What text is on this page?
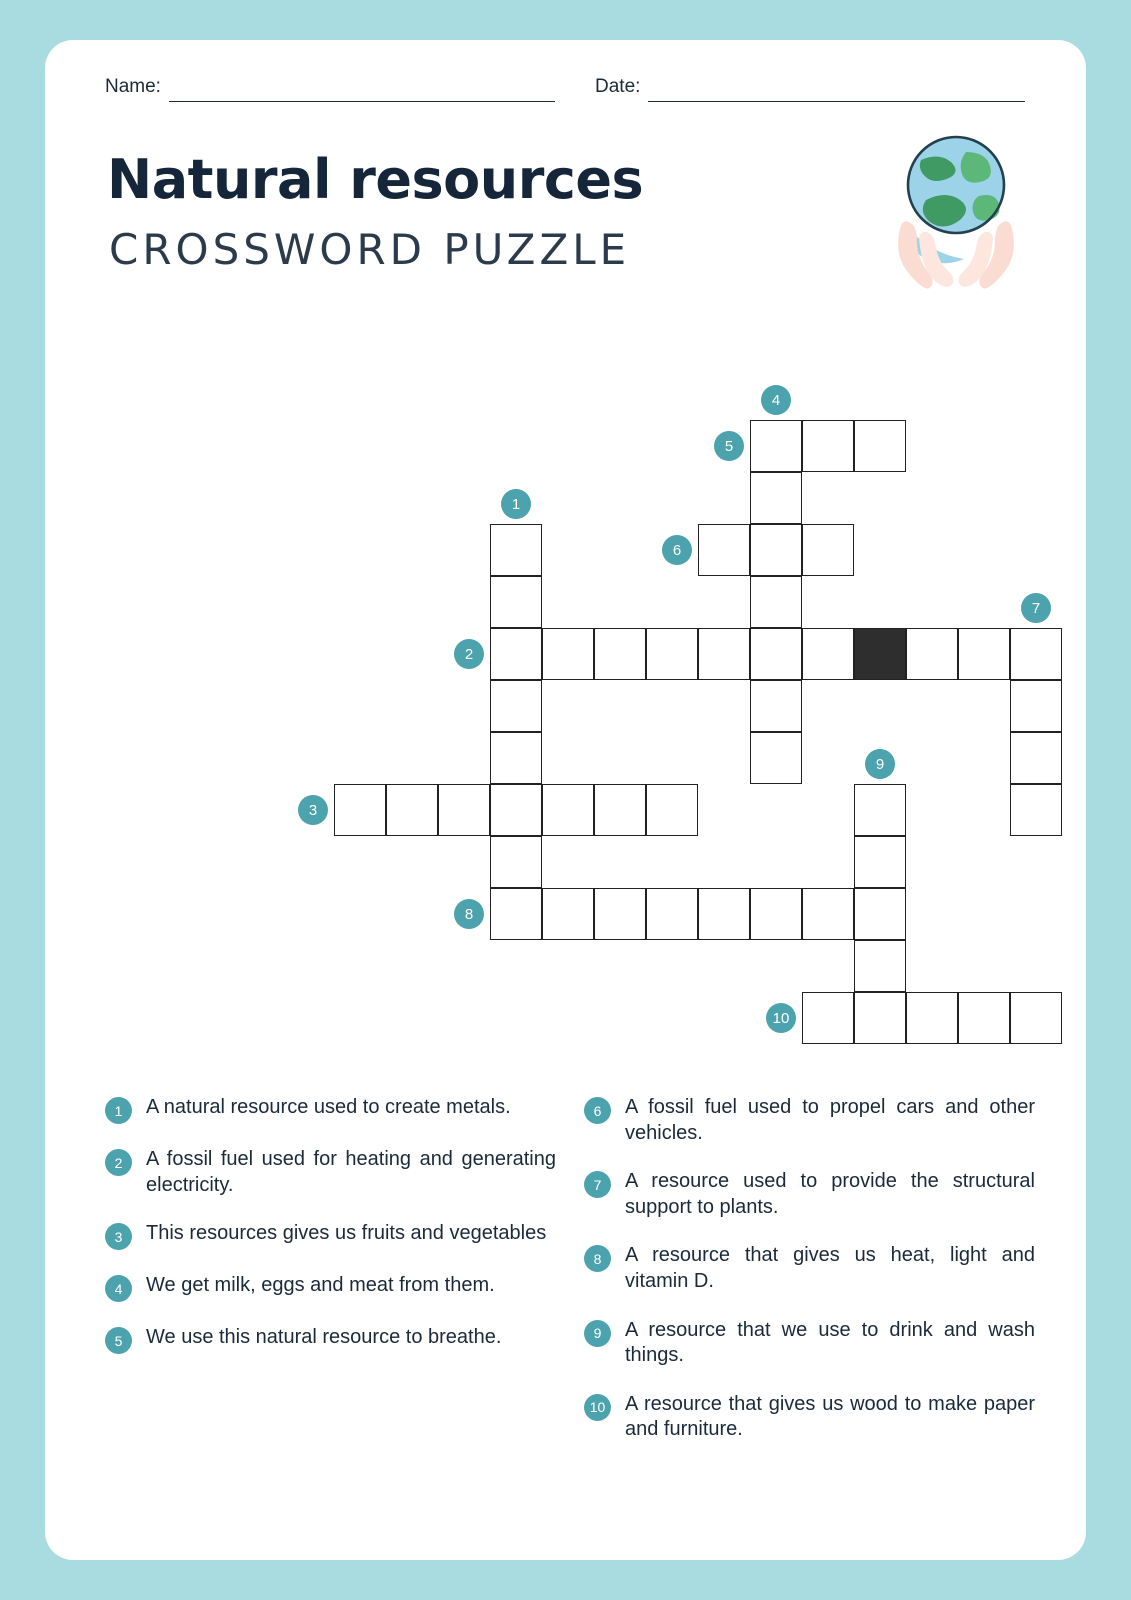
Name:	Date:
Natural resources
CROSSWORD PUZZLE
4
5
1
6
7
2
9
3
8
10
1	A natural resource used to create metals.
2	A fossil fuel used for heating and generating electricity.
3	This resources gives us fruits and vegetables
4	We get milk, eggs and meat from them.
5	We use this natural resource to breathe.
6	A fossil fuel used to propel cars and other vehicles.
7	A resource used to provide the structural support to plants.
8	A resource that gives us heat, light and vitamin D.
9	A resource that we use to drink and wash things.
10 A resource that gives us wood to make paper and furniture.
